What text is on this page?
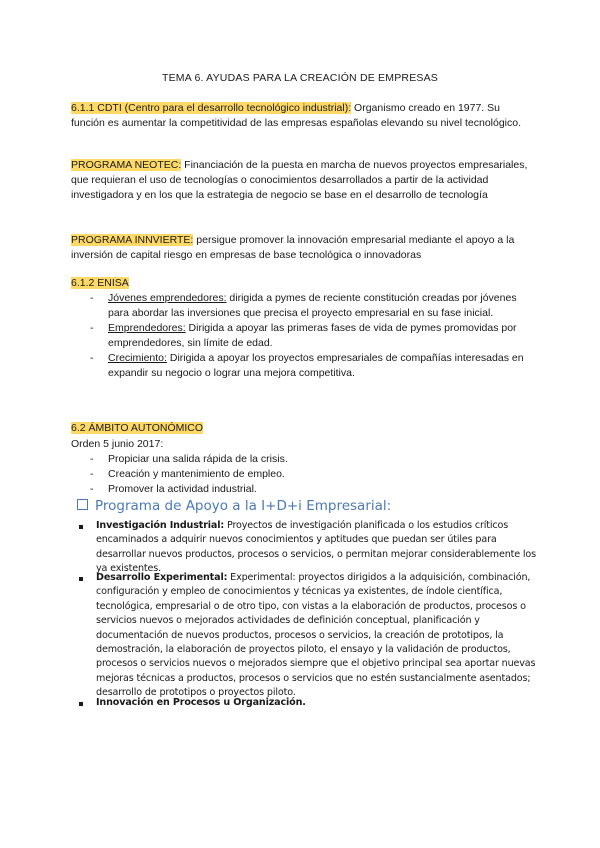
TEMA 6. AYUDAS PARA LA CREACIÓN DE EMPRESAS
6.1.1 CDTI (Centro para el desarrollo tecnológico industrial): Organismo creado en 1977. Su función es aumentar la competitividad de las empresas españolas elevando su nivel tecnológico.
PROGRAMA NEOTEC: Financiación de la puesta en marcha de nuevos proyectos empresariales, que requieran el uso de tecnologías o conocimientos desarrollados a partir de la actividad investigadora y en los que la estrategia de negocio se base en el desarrollo de tecnología
PROGRAMA INNVIERTE: persigue promover la innovación empresarial mediante el apoyo a la inversión de capital riesgo en empresas de base tecnológica o innovadoras
6.1.2 ENISA
- Jóvenes emprendedores: dirigida a pymes de reciente constitución creadas por jóvenes para abordar las inversiones que precisa el proyecto empresarial en su fase inicial.
- Emprendedores: Dirigida a apoyar las primeras fases de vida de pymes promovidas por emprendedores, sin límite de edad.
- Crecimiento: Dirigida a apoyar los proyectos empresariales de compañías interesadas en expandir su negocio o lograr una mejora competitiva.
6.2 ÁMBITO AUTONÓMICO
Orden 5 junio 2017:
- Propiciar una salida rápida de la crisis.
- Creación y mantenimiento de empleo.
- Promover la actividad industrial.
Programa de Apoyo a la I+D+i Empresarial:
Investigación Industrial: Proyectos de investigación planificada o los estudios críticos encaminados a adquirir nuevos conocimientos y aptitudes que puedan ser útiles para desarrollar nuevos productos, procesos o servicios, o permitan mejorar considerablemente los ya existentes.
Desarrollo Experimental: Experimental: proyectos dirigidos a la adquisición, combinación, configuración y empleo de conocimientos y técnicas ya existentes, de índole científica, tecnológica, empresarial o de otro tipo, con vistas a la elaboración de productos, procesos o servicios nuevos o mejorados actividades de definición conceptual, planificación y documentación de nuevos productos, procesos o servicios, la creación de prototipos, la demostración, la elaboración de proyectos piloto, el ensayo y la validación de productos, procesos o servicios nuevos o mejorados siempre que el objetivo principal sea aportar nuevas mejoras técnicas a productos, procesos o servicios que no estén sustancialmente asentados; desarrollo de prototipos o proyectos piloto.
Innovación en Procesos u Organización.
